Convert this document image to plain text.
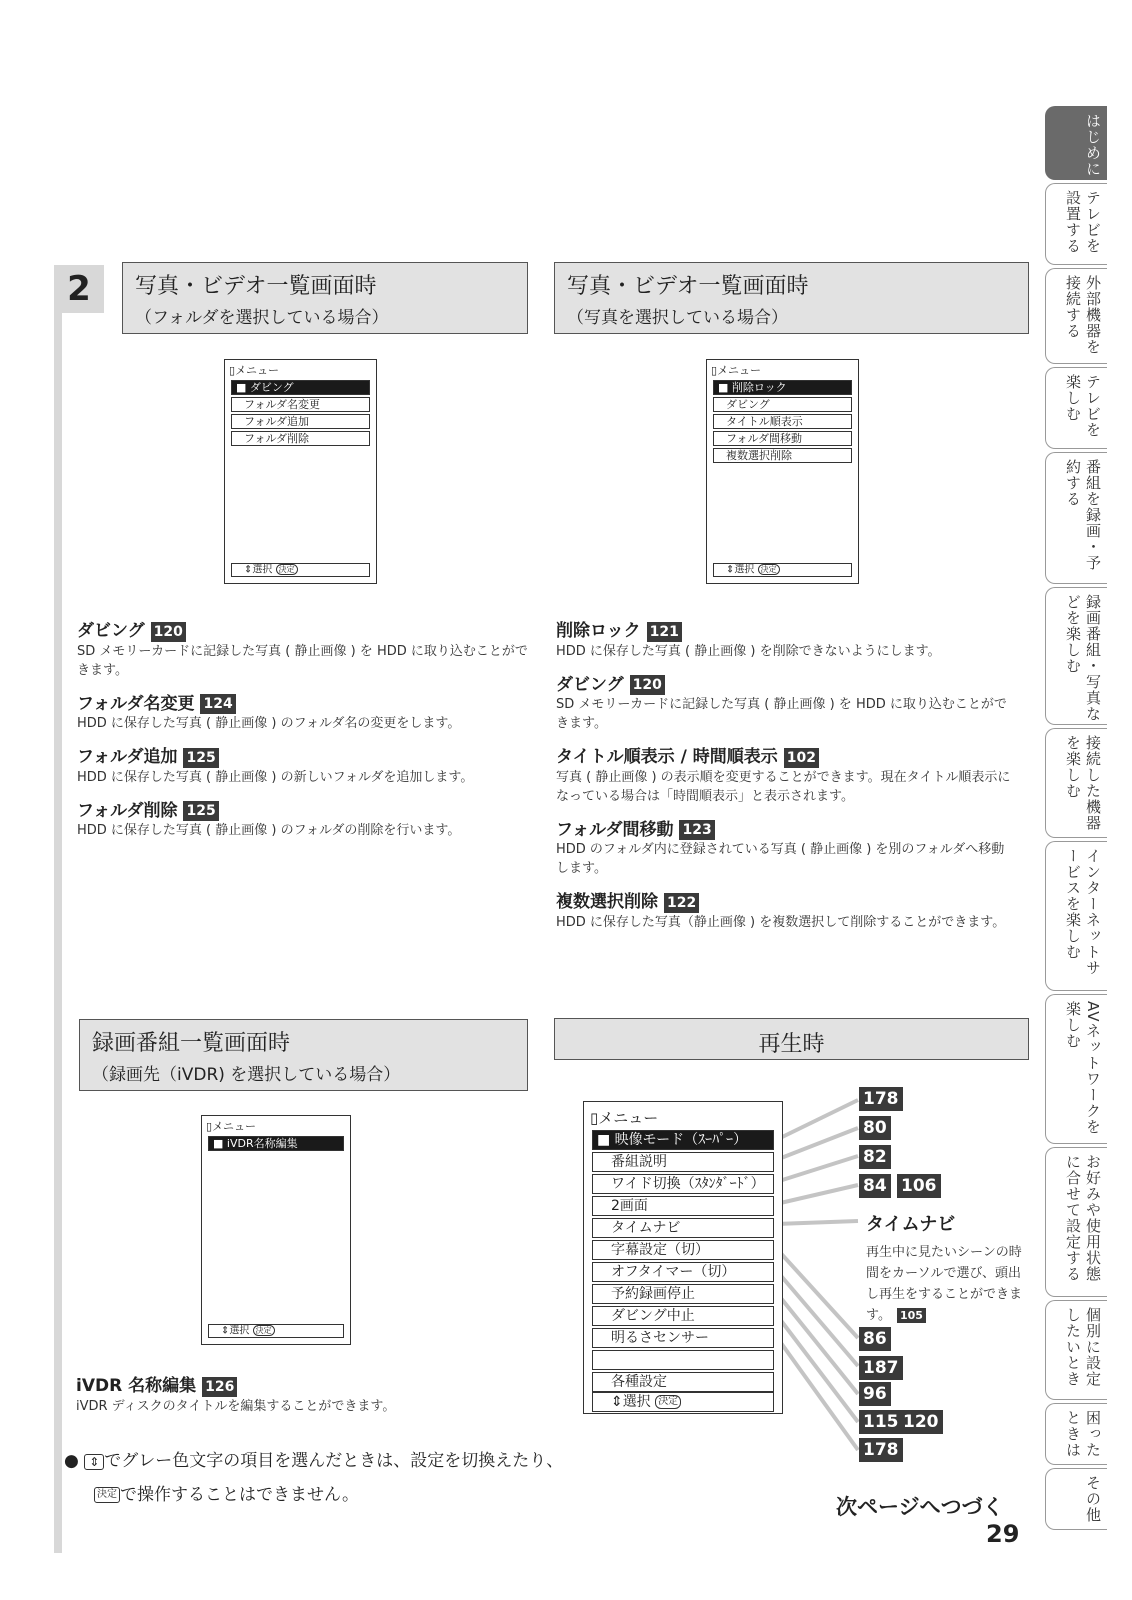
2	写真・ビデオ一覧画面時
（フォルダを選択している場合）
▯メニュー
■ ダビング
フォルダ名変更
フォルダ追加
フォルダ削除
⇕選択 決定
ダビング 120
SD メモリーカードに記録した写真 ( 静止画像 ) を HDD に取り込むことができます。
フォルダ名変更 124
HDD に保存した写真 ( 静止画像 ) のフォルダ名の変更をします。
フォルダ追加 125
HDD に保存した写真 ( 静止画像 ) の新しいフォルダを追加します。
フォルダ削除 125
HDD に保存した写真 ( 静止画像 ) のフォルダの削除を行います。
写真・ビデオ一覧画面時
（写真を選択している場合）
▯メニュー
■ 削除ロック
ダビング
タイトル順表示
フォルダ間移動
複数選択削除
⇕選択 決定
削除ロック 121
HDD に保存した写真 ( 静止画像 ) を削除できないようにします。
ダビング 120
SD メモリーカードに記録した写真 ( 静止画像 ) を HDD に取り込むことができます。
タイトル順表示 / 時間順表示 102
写真 ( 静止画像 ) の表示順を変更することができます。現在タイトル順表示になっている場合は「時間順表示」と表示されます。
フォルダ間移動 123
HDD のフォルダ内に登録されている写真 ( 静止画像 ) を別のフォルダへ移動します。
複数選択削除 122
HDD に保存した写真（静止画像 ) を複数選択して削除することができます。
録画番組一覧画面時
（録画先（iVDR) を選択している場合）
▯メニュー
■ iVDR名称編集
⇕選択 決定
iVDR 名称編集 126
iVDR ディスクのタイトルを編集することができます。
再生時
▯メニュー
■ 映像モード（ｽｰﾊﾟｰ）
番組説明
ワイド切換（ｽﾀﾝﾀﾞｰﾄﾞ）
2画面
タイムナビ
字幕設定（切）
オフタイマー（切）
予約録画停止
ダビング中止
明るさセンサー
各種設定
⇕選択 決定
178
80
82
84 106
86
187
96
115 120
178
タイムナビ
再生中に見たいシーンの時間をカーソルで選び、頭出し再生をすることができます。 105
● ⇕ でグレー色文字の項目を選んだときは、設定を切換えたり、
決定 で操作することはできません。	次ページへつづく
29
はじめに
テレビを設置する
外部機器を接続する
テレビを楽しむ
番組を録画・予約する
録画番組・写真などを楽しむ
接続した機器を楽しむ
インターネットサービスを楽しむ
AVネットワークを楽しむ
お好みや使用状態に合せて設定する
個別に設定したいとき
困ったときは
その他
